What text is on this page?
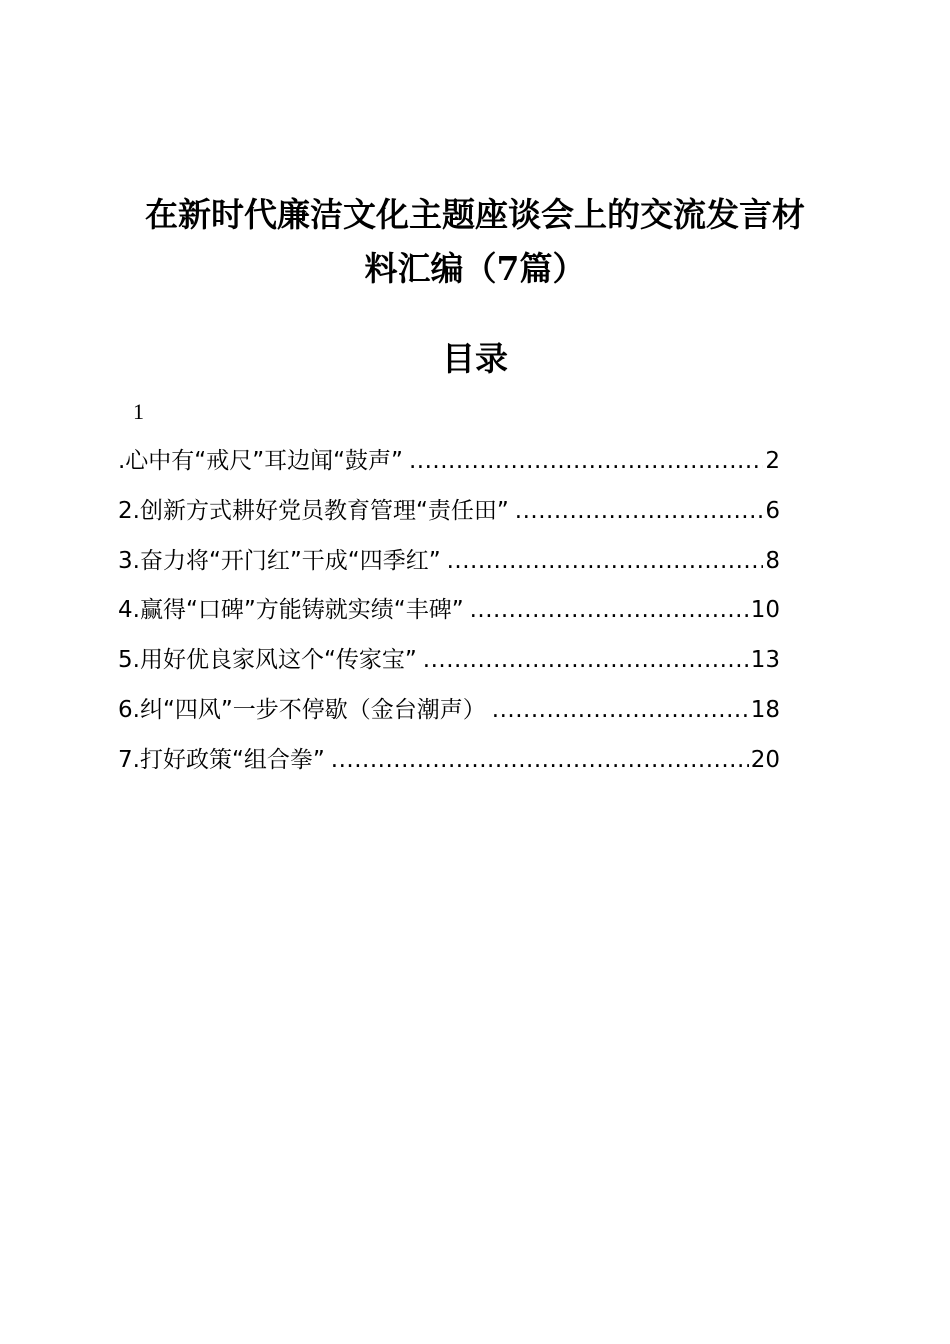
在新时代廉洁文化主题座谈会上的交流发言材
料汇编（7篇）
目录
1
.心中有“戒尺”耳边闻“鼓声” .....	2
2.创新方式耕好党员教育管理“责任田” .....	6
3.奋力将“开门红”干成“四季红” .....	8
4.赢得“口碑”方能铸就实绩“丰碑” .....	10
5.用好优良家风这个“传家宝” .....	13
6.纠“四风”一步不停歇（金台潮声） .....	18
7.打好政策“组合拳” .....	20
